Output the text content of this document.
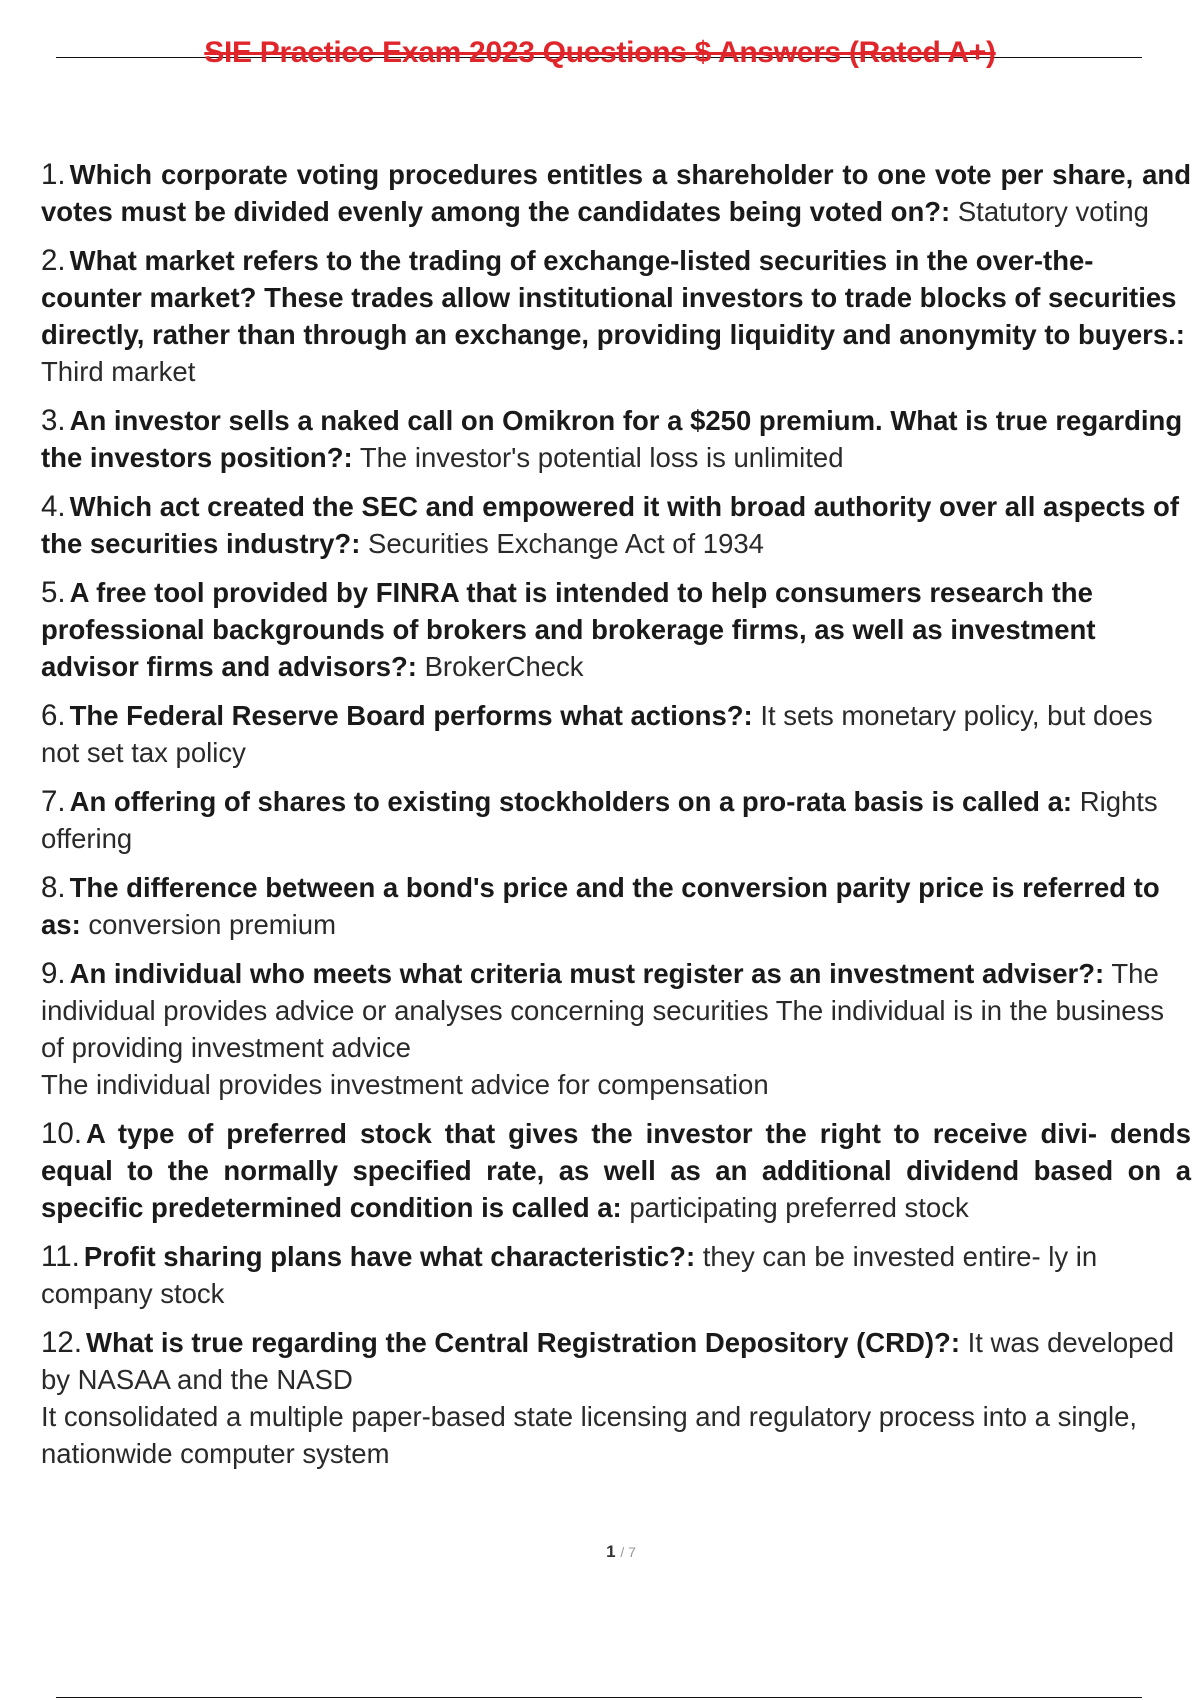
SIE Practice Exam 2023 Questions $ Answers (Rated A+)
1. Which corporate voting procedures entitles a shareholder to one vote per share, and votes must be divided evenly among the candidates being voted on?: Statutory voting
2. What market refers to the trading of exchange-listed securities in the over-the-counter market? These trades allow institutional investors to trade blocks of securities directly, rather than through an exchange, providing liquidity and anonymity to buyers.: Third market
3. An investor sells a naked call on Omikron for a $250 premium. What is true regarding the investors position?: The investor's potential loss is unlimited
4. Which act created the SEC and empowered it with broad authority over all aspects of the securities industry?: Securities Exchange Act of 1934
5. A free tool provided by FINRA that is intended to help consumers research the professional backgrounds of brokers and brokerage firms, as well as investment advisor firms and advisors?: BrokerCheck
6. The Federal Reserve Board performs what actions?: It sets monetary policy, but does not set tax policy
7. An offering of shares to existing stockholders on a pro-rata basis is called a: Rights offering
8. The difference between a bond's price and the conversion parity price is referred to as: conversion premium
9. An individual who meets what criteria must register as an investment adviser?: The individual provides advice or analyses concerning securities The individual is in the business of providing investment advice
The individual provides investment advice for compensation
10. A type of preferred stock that gives the investor the right to receive divi- dends equal to the normally specified rate, as well as an additional dividend based on a specific predetermined condition is called a: participating preferred stock
11. Profit sharing plans have what characteristic?: they can be invested entire- ly in company stock
12. What is true regarding the Central Registration Depository (CRD)?: It was developed by NASAA and the NASD
It consolidated a multiple paper-based state licensing and regulatory process into a single, nationwide computer system
1 / 7
